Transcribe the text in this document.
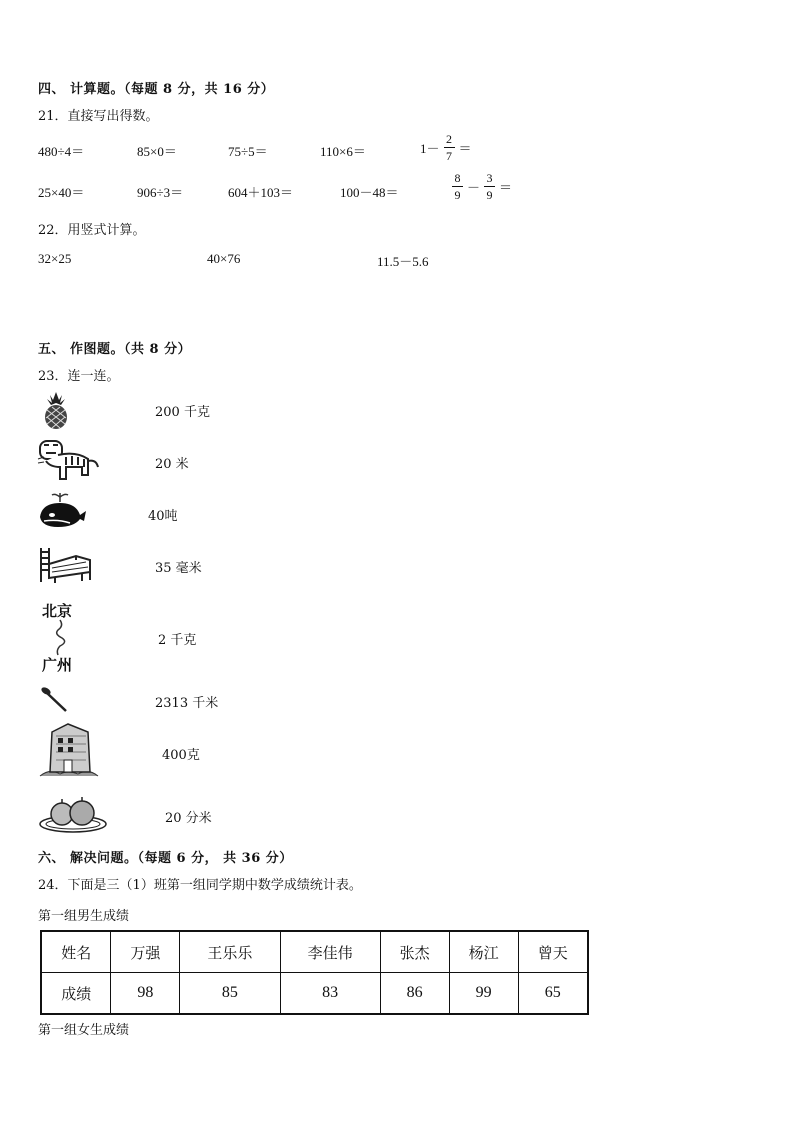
四、 计算题。（每题 8 分，共 16 分）
21．直接写出得数。
480÷4＝	85×0＝	75÷5＝	110×6＝	$1- \frac{2}{7}$ ＝
25×40＝	906÷3＝	604＋103＝	100－48＝	$\frac{8}{9} - \frac{3}{9}$ ＝
22．用竖式计算。
32×25	40×76	11.5－5.6
五、 作图题。（共 8 分）
23．连一连。
200 千克
20 米
40吨
35 毫米
北京
广州
2 千克
2313 千米
400克
20 分米
六、 解决问题。（每题 6 分， 共 36 分）
24．下面是三（1）班第一组同学期中数学成绩统计表。
第一组男生成绩
姓名	万强	王乐乐	李佳伟	张杰	杨江	曾天
成绩	98	85	83	86	99	65
第一组女生成绩
